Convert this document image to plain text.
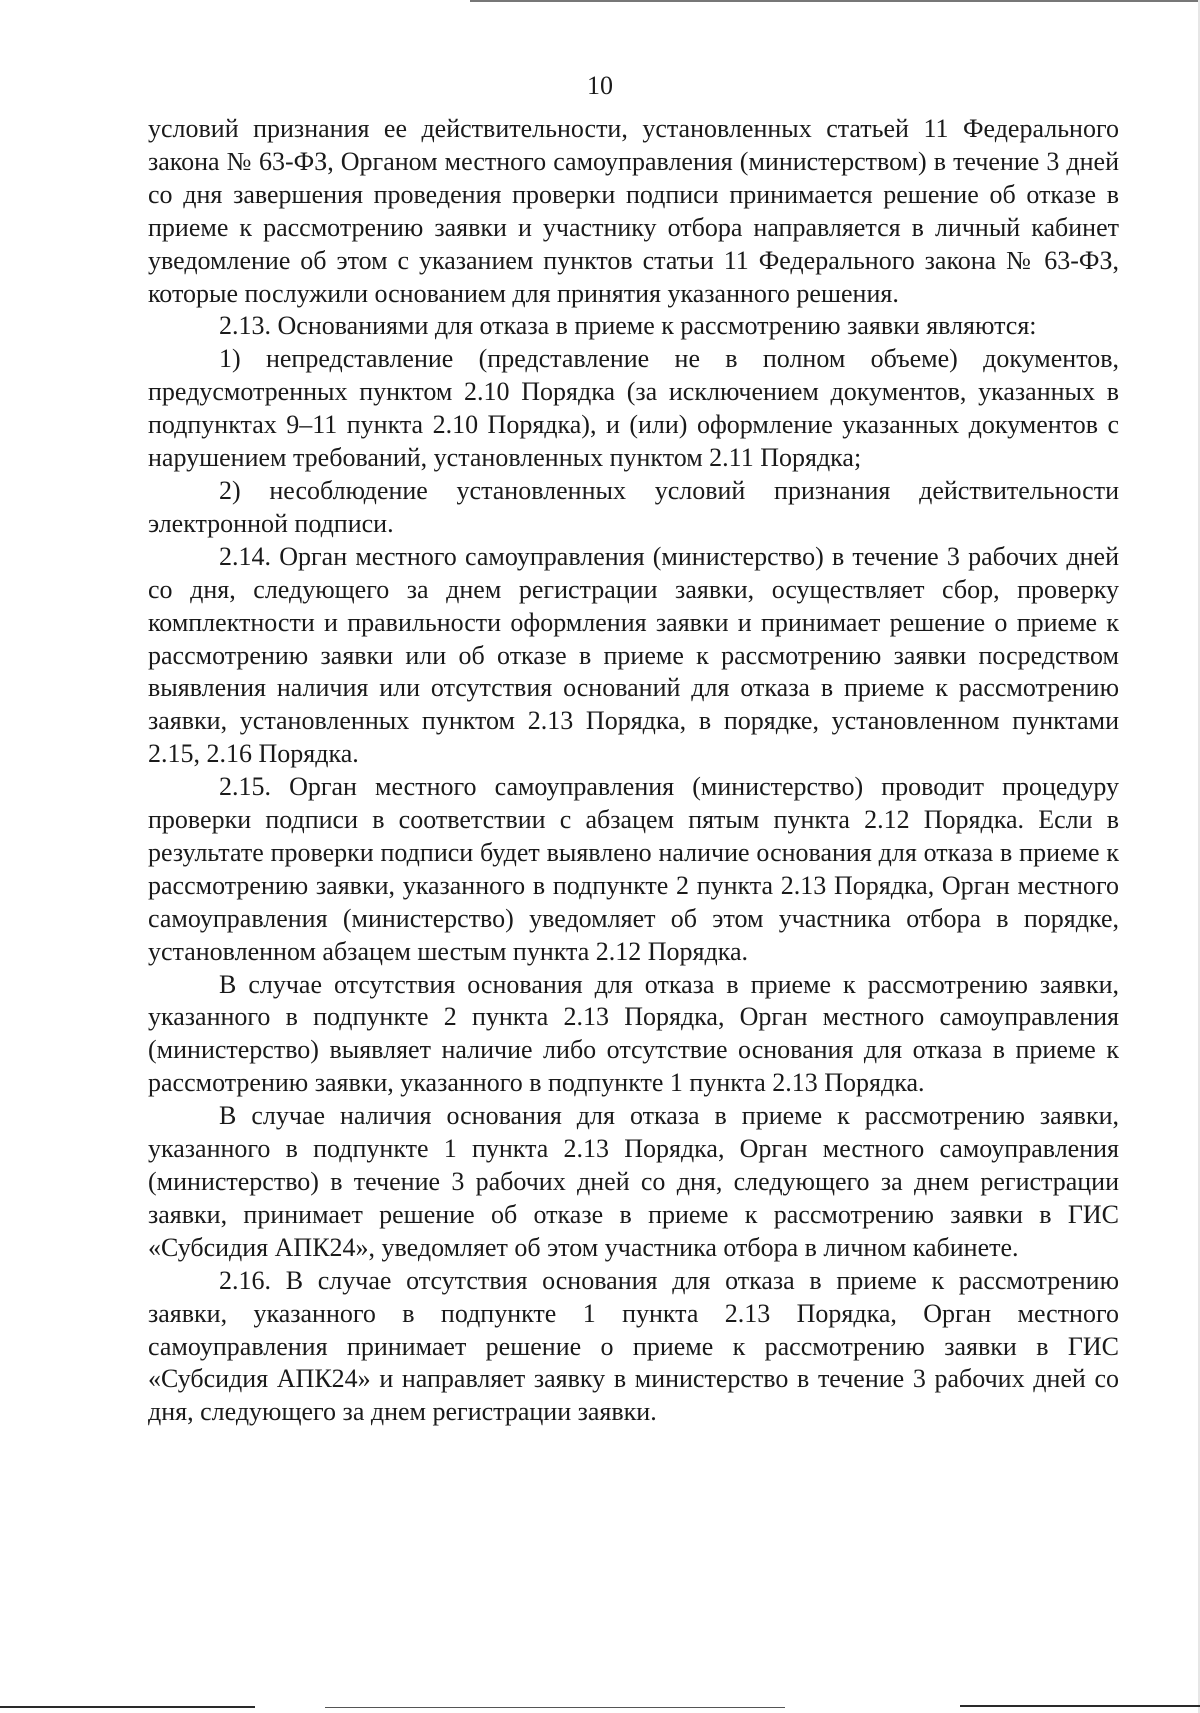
10

условий признания ее действительности, установленных статьей 11 Федерального закона № 63-ФЗ, Органом местного самоуправления (министерством) в течение 3 дней со дня завершения проведения проверки подписи принимается решение об отказе в приеме к рассмотрению заявки и участнику отбора направляется в личный кабинет уведомление об этом с указанием пунктов статьи 11 Федерального закона № 63-ФЗ, которые послужили основанием для принятия указанного решения.

2.13. Основаниями для отказа в приеме к рассмотрению заявки являются:

1) непредставление (представление не в полном объеме) документов, предусмотренных пунктом 2.10 Порядка (за исключением документов, указанных в подпунктах 9–11 пункта 2.10 Порядка), и (или) оформление указанных документов с нарушением требований, установленных пунктом 2.11 Порядка;

2) несоблюдение установленных условий признания действительности электронной подписи.

2.14. Орган местного самоуправления (министерство) в течение 3 рабочих дней со дня, следующего за днем регистрации заявки, осуществляет сбор, проверку комплектности и правильности оформления заявки и принимает решение о приеме к рассмотрению заявки или об отказе в приеме к рассмотрению заявки посредством выявления наличия или отсутствия оснований для отказа в приеме к рассмотрению заявки, установленных пунктом 2.13 Порядка, в порядке, установленном пунктами 2.15, 2.16 Порядка.

2.15. Орган местного самоуправления (министерство) проводит процедуру проверки подписи в соответствии с абзацем пятым пункта 2.12 Порядка. Если в результате проверки подписи будет выявлено наличие основания для отказа в приеме к рассмотрению заявки, указанного в подпункте 2 пункта 2.13 Порядка, Орган местного самоуправления (министерство) уведомляет об этом участника отбора в порядке, установленном абзацем шестым пункта 2.12 Порядка.

В случае отсутствия основания для отказа в приеме к рассмотрению заявки, указанного в подпункте 2 пункта 2.13 Порядка, Орган местного самоуправления (министерство) выявляет наличие либо отсутствие основания для отказа в приеме к рассмотрению заявки, указанного в подпункте 1 пункта 2.13 Порядка.

В случае наличия основания для отказа в приеме к рассмотрению заявки, указанного в подпункте 1 пункта 2.13 Порядка, Орган местного самоуправления (министерство) в течение 3 рабочих дней со дня, следующего за днем регистрации заявки, принимает решение об отказе в приеме к рассмотрению заявки в ГИС «Субсидия АПК24», уведомляет об этом участника отбора в личном кабинете.

2.16. В случае отсутствия основания для отказа в приеме к рассмотрению заявки, указанного в подпункте 1 пункта 2.13 Порядка, Орган местного самоуправления принимает решение о приеме к рассмотрению заявки в ГИС «Субсидия АПК24» и направляет заявку в министерство в течение 3 рабочих дней со дня, следующего за днем регистрации заявки.
